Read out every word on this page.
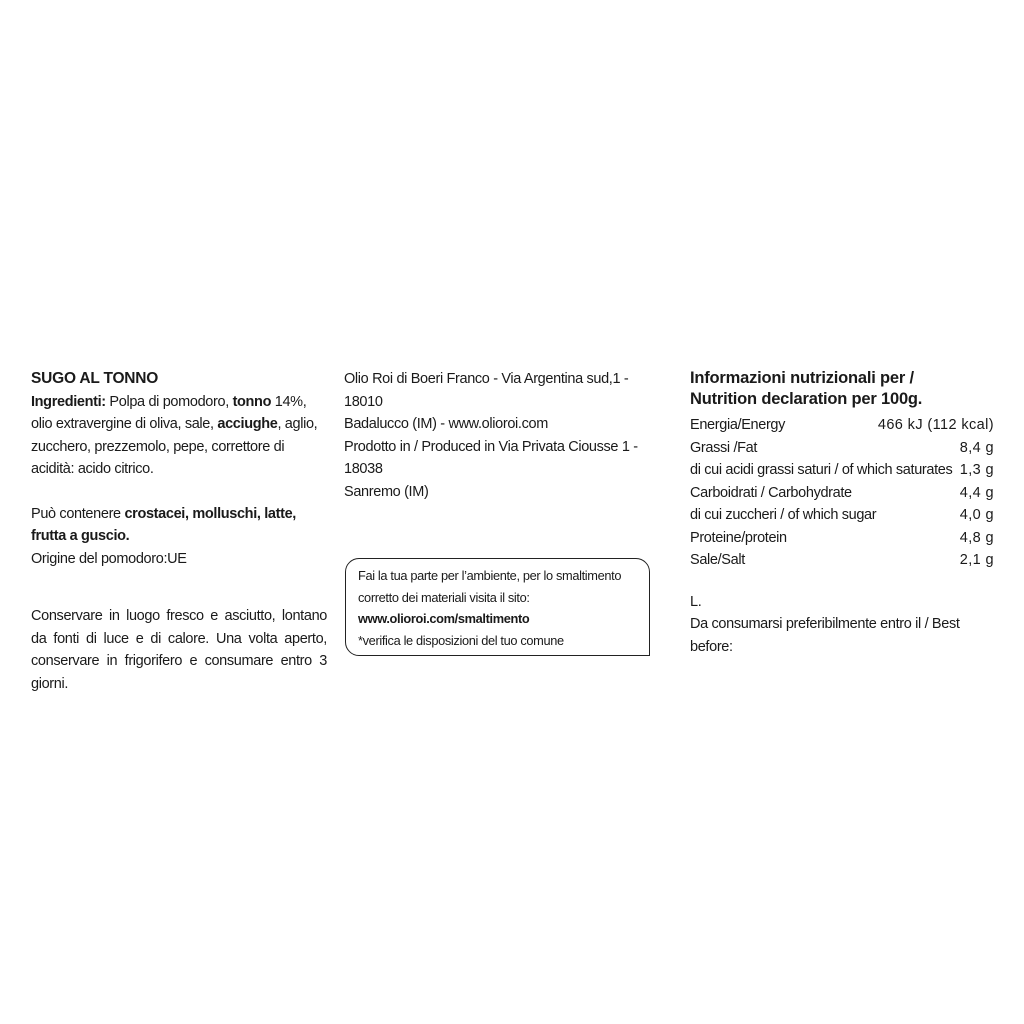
SUGO AL TONNO
Ingredienti: Polpa di pomodoro, tonno 14%, olio extravergine di oliva, sale, acciughe, aglio, zucchero, prezzemolo, pepe, correttore di acidità: acido citrico.
Può contenere crostacei, molluschi, latte, frutta a guscio.
Origine del pomodoro:UE
Conservare in luogo fresco e asciutto, lontano da fonti di luce e di calore. Una volta aperto, conservare in frigorifero e consumare entro 3 giorni.
Olio Roi di Boeri Franco - Via Argentina sud,1 - 18010
Badalucco (IM) - www.olioroi.com
Prodotto in / Produced in Via Privata Ciousse 1 - 18038
Sanremo (IM)
Fai la tua parte per l’ambiente, per lo smaltimento
corretto dei materiali visita il sito:
www.olioroi.com/smaltimento
*verifica le disposizioni del tuo comune
Informazioni nutrizionali per /
Nutrition declaration per 100g.
Energia/Energy	466 kJ (112 kcal)
Grassi /Fat	8,4 g
di cui acidi grassi saturi / of which saturates 1,3 g
Carboidrati / Carbohydrate	4,4 g
di cui zuccheri / of which sugar	4,0 g
Proteine/protein	4,8 g
Sale/Salt	2,1 g
L.
Da consumarsi preferibilmente entro il / Best before:
